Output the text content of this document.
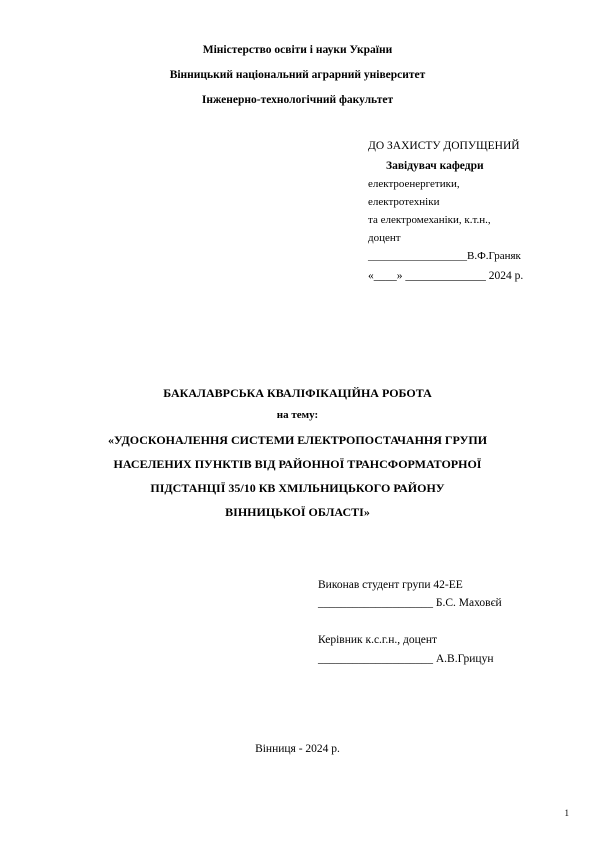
Міністерство освіти і науки України
Вінницький національний аграрний університет
Інженерно-технологічний факультет
ДО ЗАХИСТУ ДОПУЩЕНИЙ
Завідувач кафедри
електроенергетики,
електротехніки
та електромеханіки, к.т.н.,
доцент
__________________В.Ф.Граняк
«____» ______________ 2024 р.
БАКАЛАВРСЬКА КВАЛІФІКАЦІЙНА РОБОТА
на тему:
«УДОСКОНАЛЕННЯ СИСТЕМИ ЕЛЕКТРОПОСТАЧАННЯ ГРУПИ
НАСЕЛЕНИХ ПУНКТІВ ВІД РАЙОННОЇ ТРАНСФОРМАТОРНОЇ
ПІДСТАНЦІЇ 35/10 КВ ХМІЛЬНИЦЬКОГО РАЙОНУ
ВІННИЦЬКОЇ ОБЛАСТІ»
Виконав студент групи 42-ЕЕ
____________________ Б.С. Маховєй
Керівник к.с.г.н., доцент
____________________ А.В.Грицун
Вінниця - 2024 р.
1
